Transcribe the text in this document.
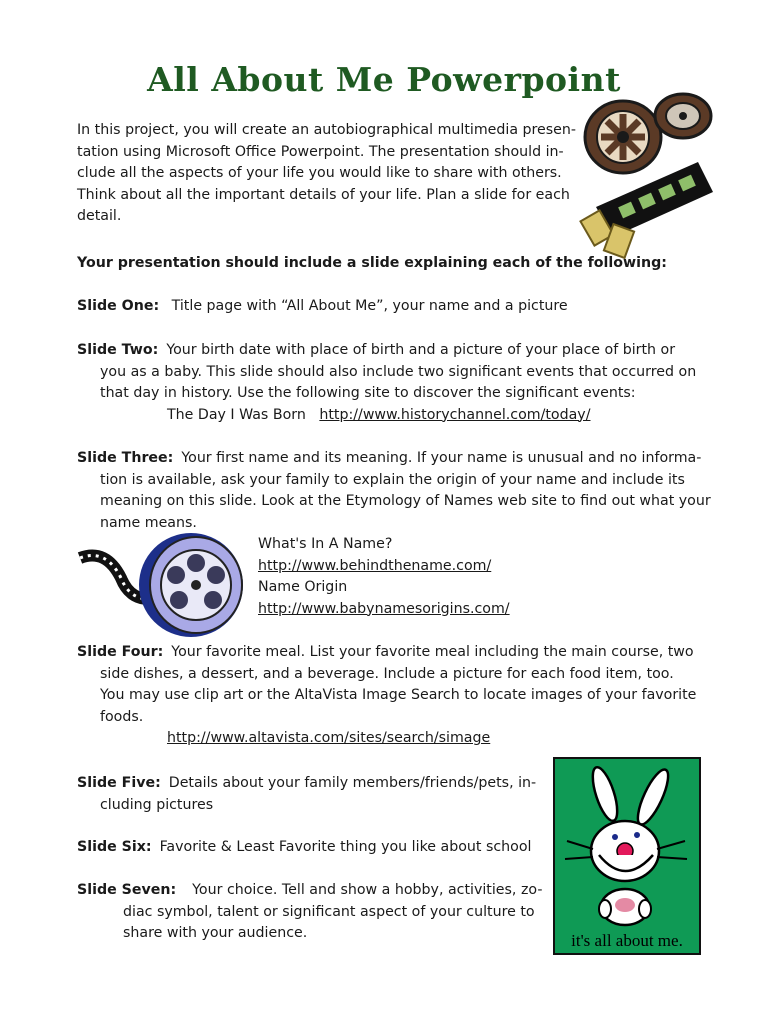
All About Me Powerpoint
In this project, you will create an autobiographical multimedia presen-
tation using Microsoft Office Powerpoint. The presentation should in-
clude all the aspects of your life you would like to share with others.
Think about all the important details of your life. Plan a slide for each
detail.
Your presentation should include a slide explaining each of the following:
Slide One: Title page with “All About Me”, your name and a picture
Slide Two: Your birth date with place of birth and a picture of your place of birth or
you as a baby. This slide should also include two significant events that occurred on
that day in history. Use the following site to discover the significant events:
The Day I Was Born http://www.historychannel.com/today/
Slide Three: Your first name and its meaning. If your name is unusual and no informa-
tion is available, ask your family to explain the origin of your name and include its
meaning on this slide. Look at the Etymology of Names web site to find out what your
name means.
What's In A Name?
http://www.behindthename.com/
Name Origin
http://www.babynamesorigins.com/
Slide Four: Your favorite meal. List your favorite meal including the main course, two
side dishes, a dessert, and a beverage. Include a picture for each food item, too.
You may use clip art or the AltaVista Image Search to locate images of your favorite
foods.
http://www.altavista.com/sites/search/simage
Slide Five: Details about your family members/friends/pets, in-
cluding pictures
Slide Six: Favorite & Least Favorite thing you like about school
Slide Seven: Your choice. Tell and show a hobby, activities, zo-
diac symbol, talent or significant aspect of your culture to
share with your audience.	it's all about me.
